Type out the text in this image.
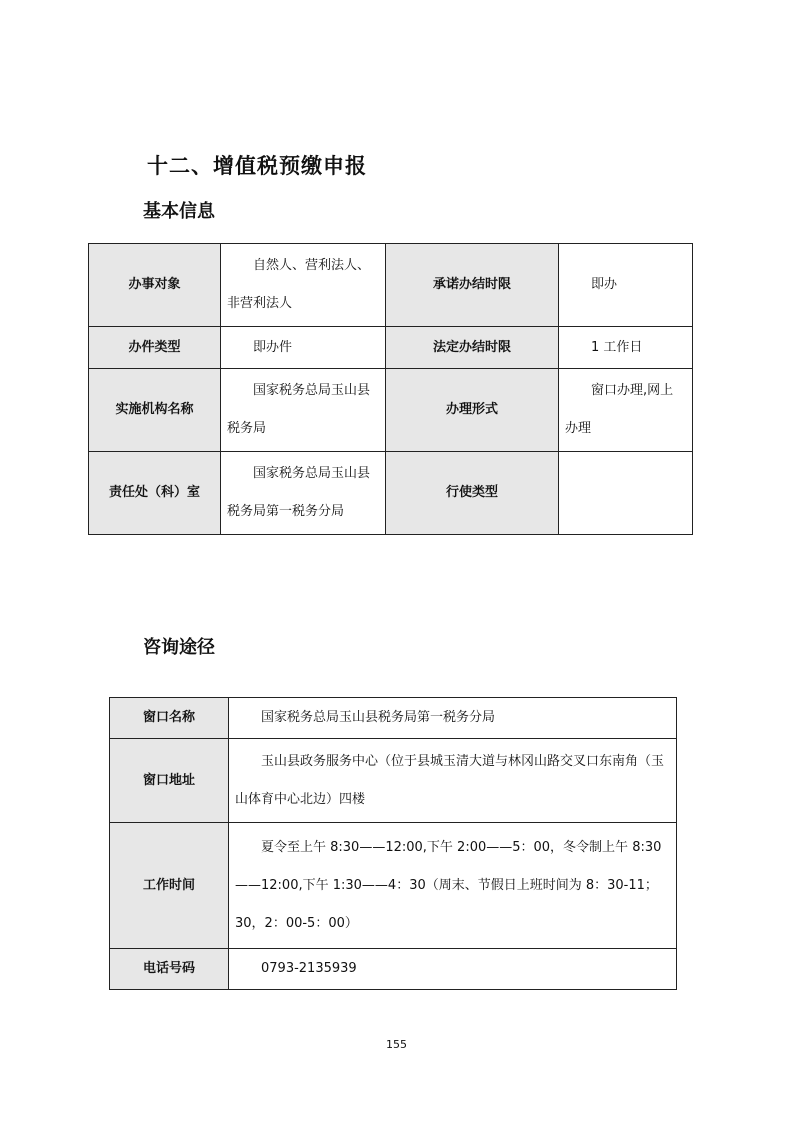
十二、增值税预缴申报
基本信息
办事对象	自然人、营利法人、非营利法人	承诺办结时限	即办
办件类型	即办件	法定办结时限	1 工作日
实施机构名称	国家税务总局玉山县税务局	办理形式	窗口办理,网上办理
责任处（科）室	国家税务总局玉山县税务局第一税务分局	行使类型	
咨询途径
窗口名称	国家税务总局玉山县税务局第一税务分局
窗口地址	玉山县政务服务中心（位于县城玉清大道与林冈山路交叉口东南角（玉山体育中心北边）四楼
工作时间	夏令至上午 8:30——12:00,下午 2:00——5：00，冬令制上午 8:30——12:00,下午 1:30——4：30（周末、节假日上班时间为 8：30-11；30，2：00-5：00）
电话号码	0793-2135939
155
